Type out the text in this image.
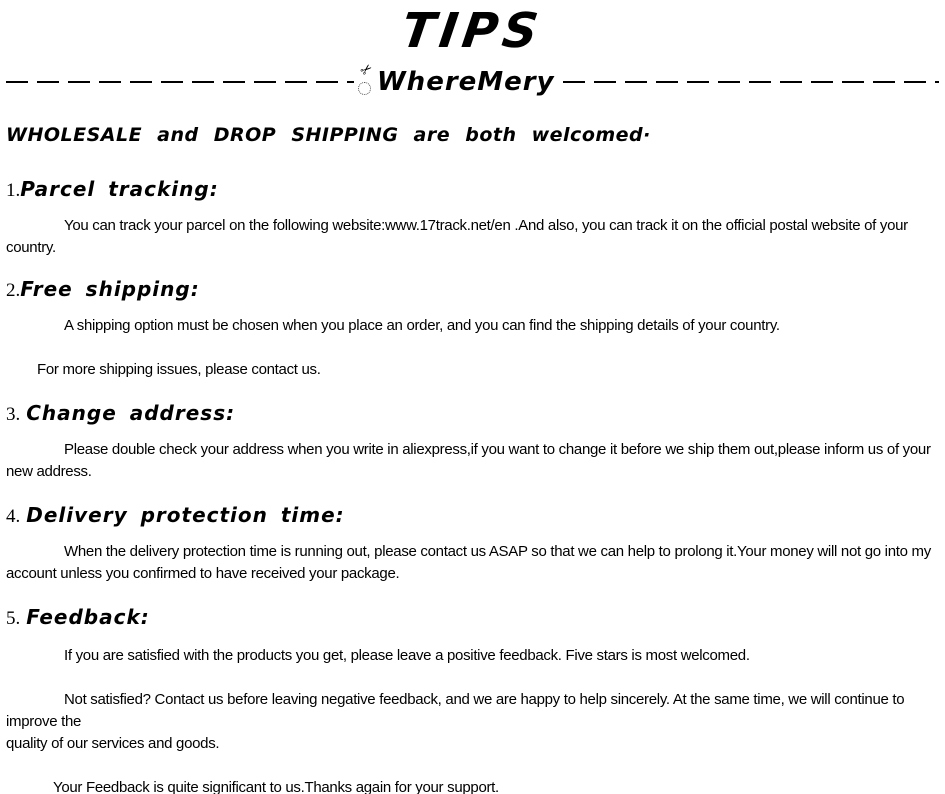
TIPS
✂ WhereMery

WHOLESALE and DROP SHIPPING are both welcomed·

1.Parcel tracking:

You can track your parcel on the following website:www.17track.net/en .And also, you can track it on the official postal website of your country.

2.Free shipping:

A shipping option must be chosen when you place an order, and you can find the shipping details of your country.

For more shipping issues, please contact us.

3. Change address:

Please double check your address when you write in aliexpress,if you want to change it before we ship them out,please inform us of your new address.

4. Delivery protection time:

When the delivery protection time is running out, please contact us ASAP so that we can help to prolong it.Your money will not go into my account unless you confirmed to have received your package.

5. Feedback:

If you are satisfied with the products you get, please leave a positive feedback. Five stars is most welcomed.

Not satisfied? Contact us before leaving negative feedback, and we are happy to help sincerely. At the same time, we will continue to improve the

quality of our services and goods.

Your Feedback is quite significant to us.Thanks again for your support.
